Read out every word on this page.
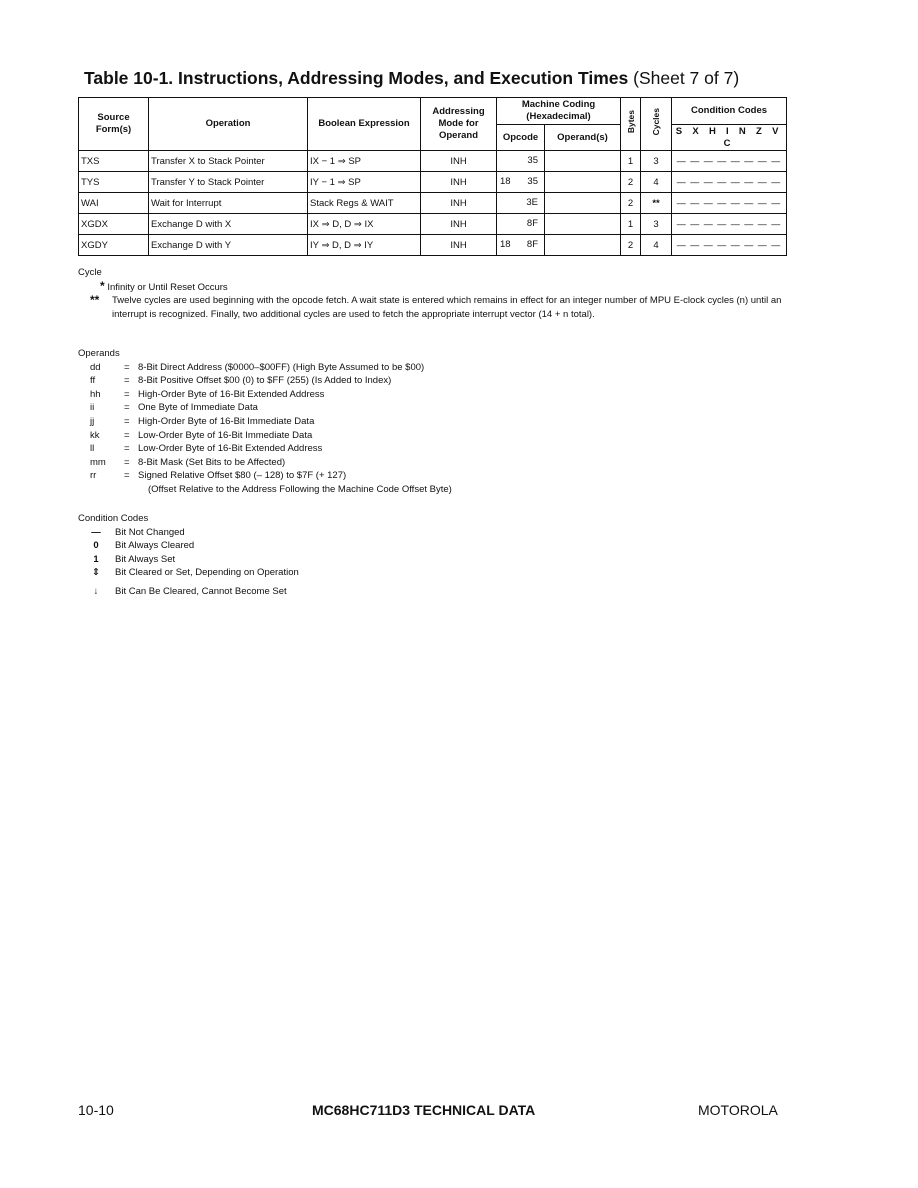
Table 10-1. Instructions, Addressing Modes, and Execution Times (Sheet 7 of 7)
Source Form(s)	Operation	Boolean Expression	Addressing Mode for Operand	Machine Coding (Hexadecimal)		Bytes	Cycles	Condition Codes
				Opcode	Operand(s)			S X H I N Z V C
TXS	Transfer X to Stack Pointer	IX − 1 ⇒ SP	INH	35		1	3	— — — — — — — —
TYS	Transfer Y to Stack Pointer	IY − 1 ⇒ SP	INH	18 35		2	4	— — — — — — — —
WAI	Wait for Interrupt	Stack Regs & WAIT	INH	3E		2	**	— — — — — — — —
XGDX	Exchange D with X	IX ⇒ D, D ⇒ IX	INH	8F		1	3	— — — — — — — —
XGDY	Exchange D with Y	IY ⇒ D, D ⇒ IY	INH	18 8F		2	4	— — — — — — — —
Cycle
* Infinity or Until Reset Occurs
**	Twelve cycles are used beginning with the opcode fetch. A wait state is entered which remains in effect for an integer number of MPU E-clock cycles (n) until an interrupt is recognized. Finally, two additional cycles are used to fetch the appropriate interrupt vector (14 + n total).
Operands
dd = 8-Bit Direct Address ($0000–$00FF) (High Byte Assumed to be $00)
ff	= 8-Bit Positive Offset $00 (0) to $FF (255) (Is Added to Index)
hh = High-Order Byte of 16-Bit Extended Address
ii	= One Byte of Immediate Data
jj	= High-Order Byte of 16-Bit Immediate Data
kk	= Low-Order Byte of 16-Bit Immediate Data
ll	= Low-Order Byte of 16-Bit Extended Address
mm = 8-Bit Mask (Set Bits to be Affected)
rr	= Signed Relative Offset $80 (– 128) to $7F (+ 127)
(Offset Relative to the Address Following the Machine Code Offset Byte)
Condition Codes
— Bit Not Changed
0	Bit Always Cleared
1	Bit Always Set
⇕ Bit Cleared or Set, Depending on Operation
↓	Bit Can Be Cleared, Cannot Become Set
10-10	MC68HC711D3 TECHNICAL DATA	MOTOROLA
